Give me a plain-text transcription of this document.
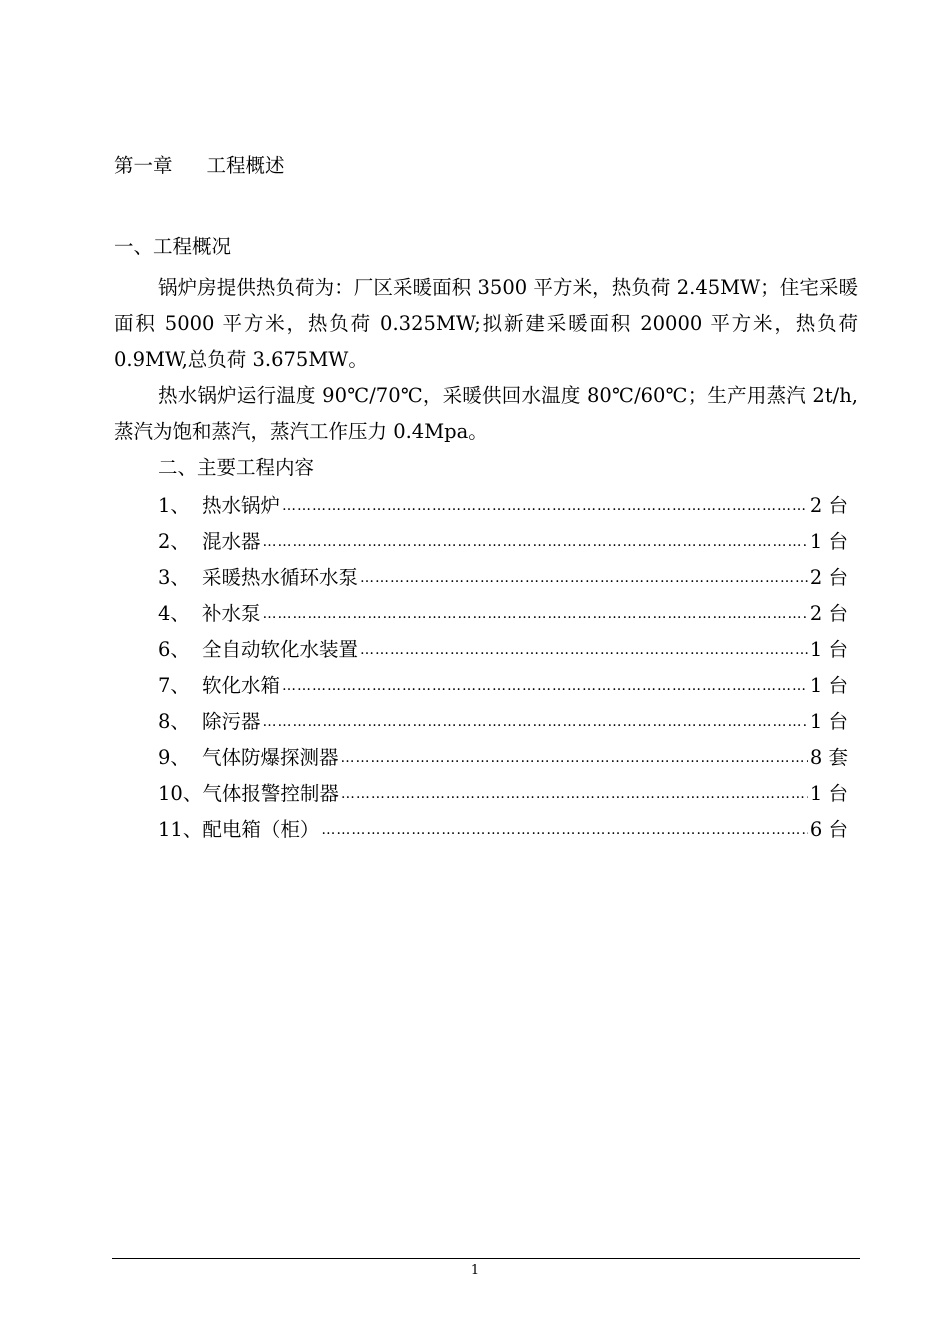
第一章 工程概述
一、工程概况
锅炉房提供热负荷为：厂区采暖面积 3500 平方米，热负荷 2.45MW；住宅采暖面积 5000 平方米，热负荷 0.325MW;拟新建采暖面积 20000 平方米，热负荷 0.9MW,总负荷 3.675MW。
热水锅炉运行温度 90℃/70℃，采暖供回水温度 80℃/60℃；生产用蒸汽 2t/h,蒸汽为饱和蒸汽，蒸汽工作压力 0.4Mpa。
二、主要工程内容
1、 热水锅炉 ……………………………………………………………………………………………………………………………………………………	2 台
2、 混水器 ……………………………………………………………………………………………………………………………………………………	1 台
3、 采暖热水循环水泵 ……………………………………………………………………………………………………………………………………………………	2 台
4、 补水泵 ……………………………………………………………………………………………………………………………………………………	2 台
6、 全自动软化水装置 ……………………………………………………………………………………………………………………………………………………	1 台
7、 软化水箱 ……………………………………………………………………………………………………………………………………………………	1 台
8、 除污器 ……………………………………………………………………………………………………………………………………………………	1 台
9、 气体防爆探测器 ……………………………………………………………………………………………………………………………………………………	8 套
10、 气体报警控制器 ……………………………………………………………………………………………………………………………………………………	1 台
11、 配电箱（柜） ……………………………………………………………………………………………………………………………………………………	6 台
1
